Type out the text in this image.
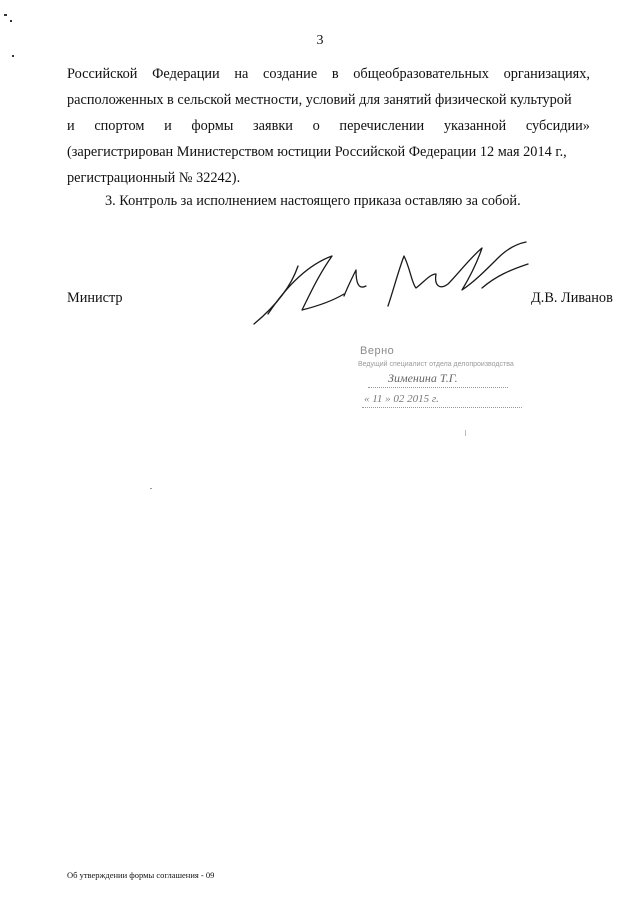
3
Российской Федерации на создание в общеобразовательных организациях,
расположенных в сельской местности, условий для занятий физической культурой
и спортом и формы заявки о перечислении указанной субсидии»
(зарегистрирован Министерством юстиции Российской Федерации 12 мая 2014 г.,
регистрационный № 32242).
3. Контроль за исполнением настоящего приказа оставляю за собой.
Министр	Д.В. Ливанов
Верно
Ведущий специалист отдела делопроизводства
Зименина Т.Г.
« 11 » 02 2015 г.
Об утверждении формы соглашения - 09
